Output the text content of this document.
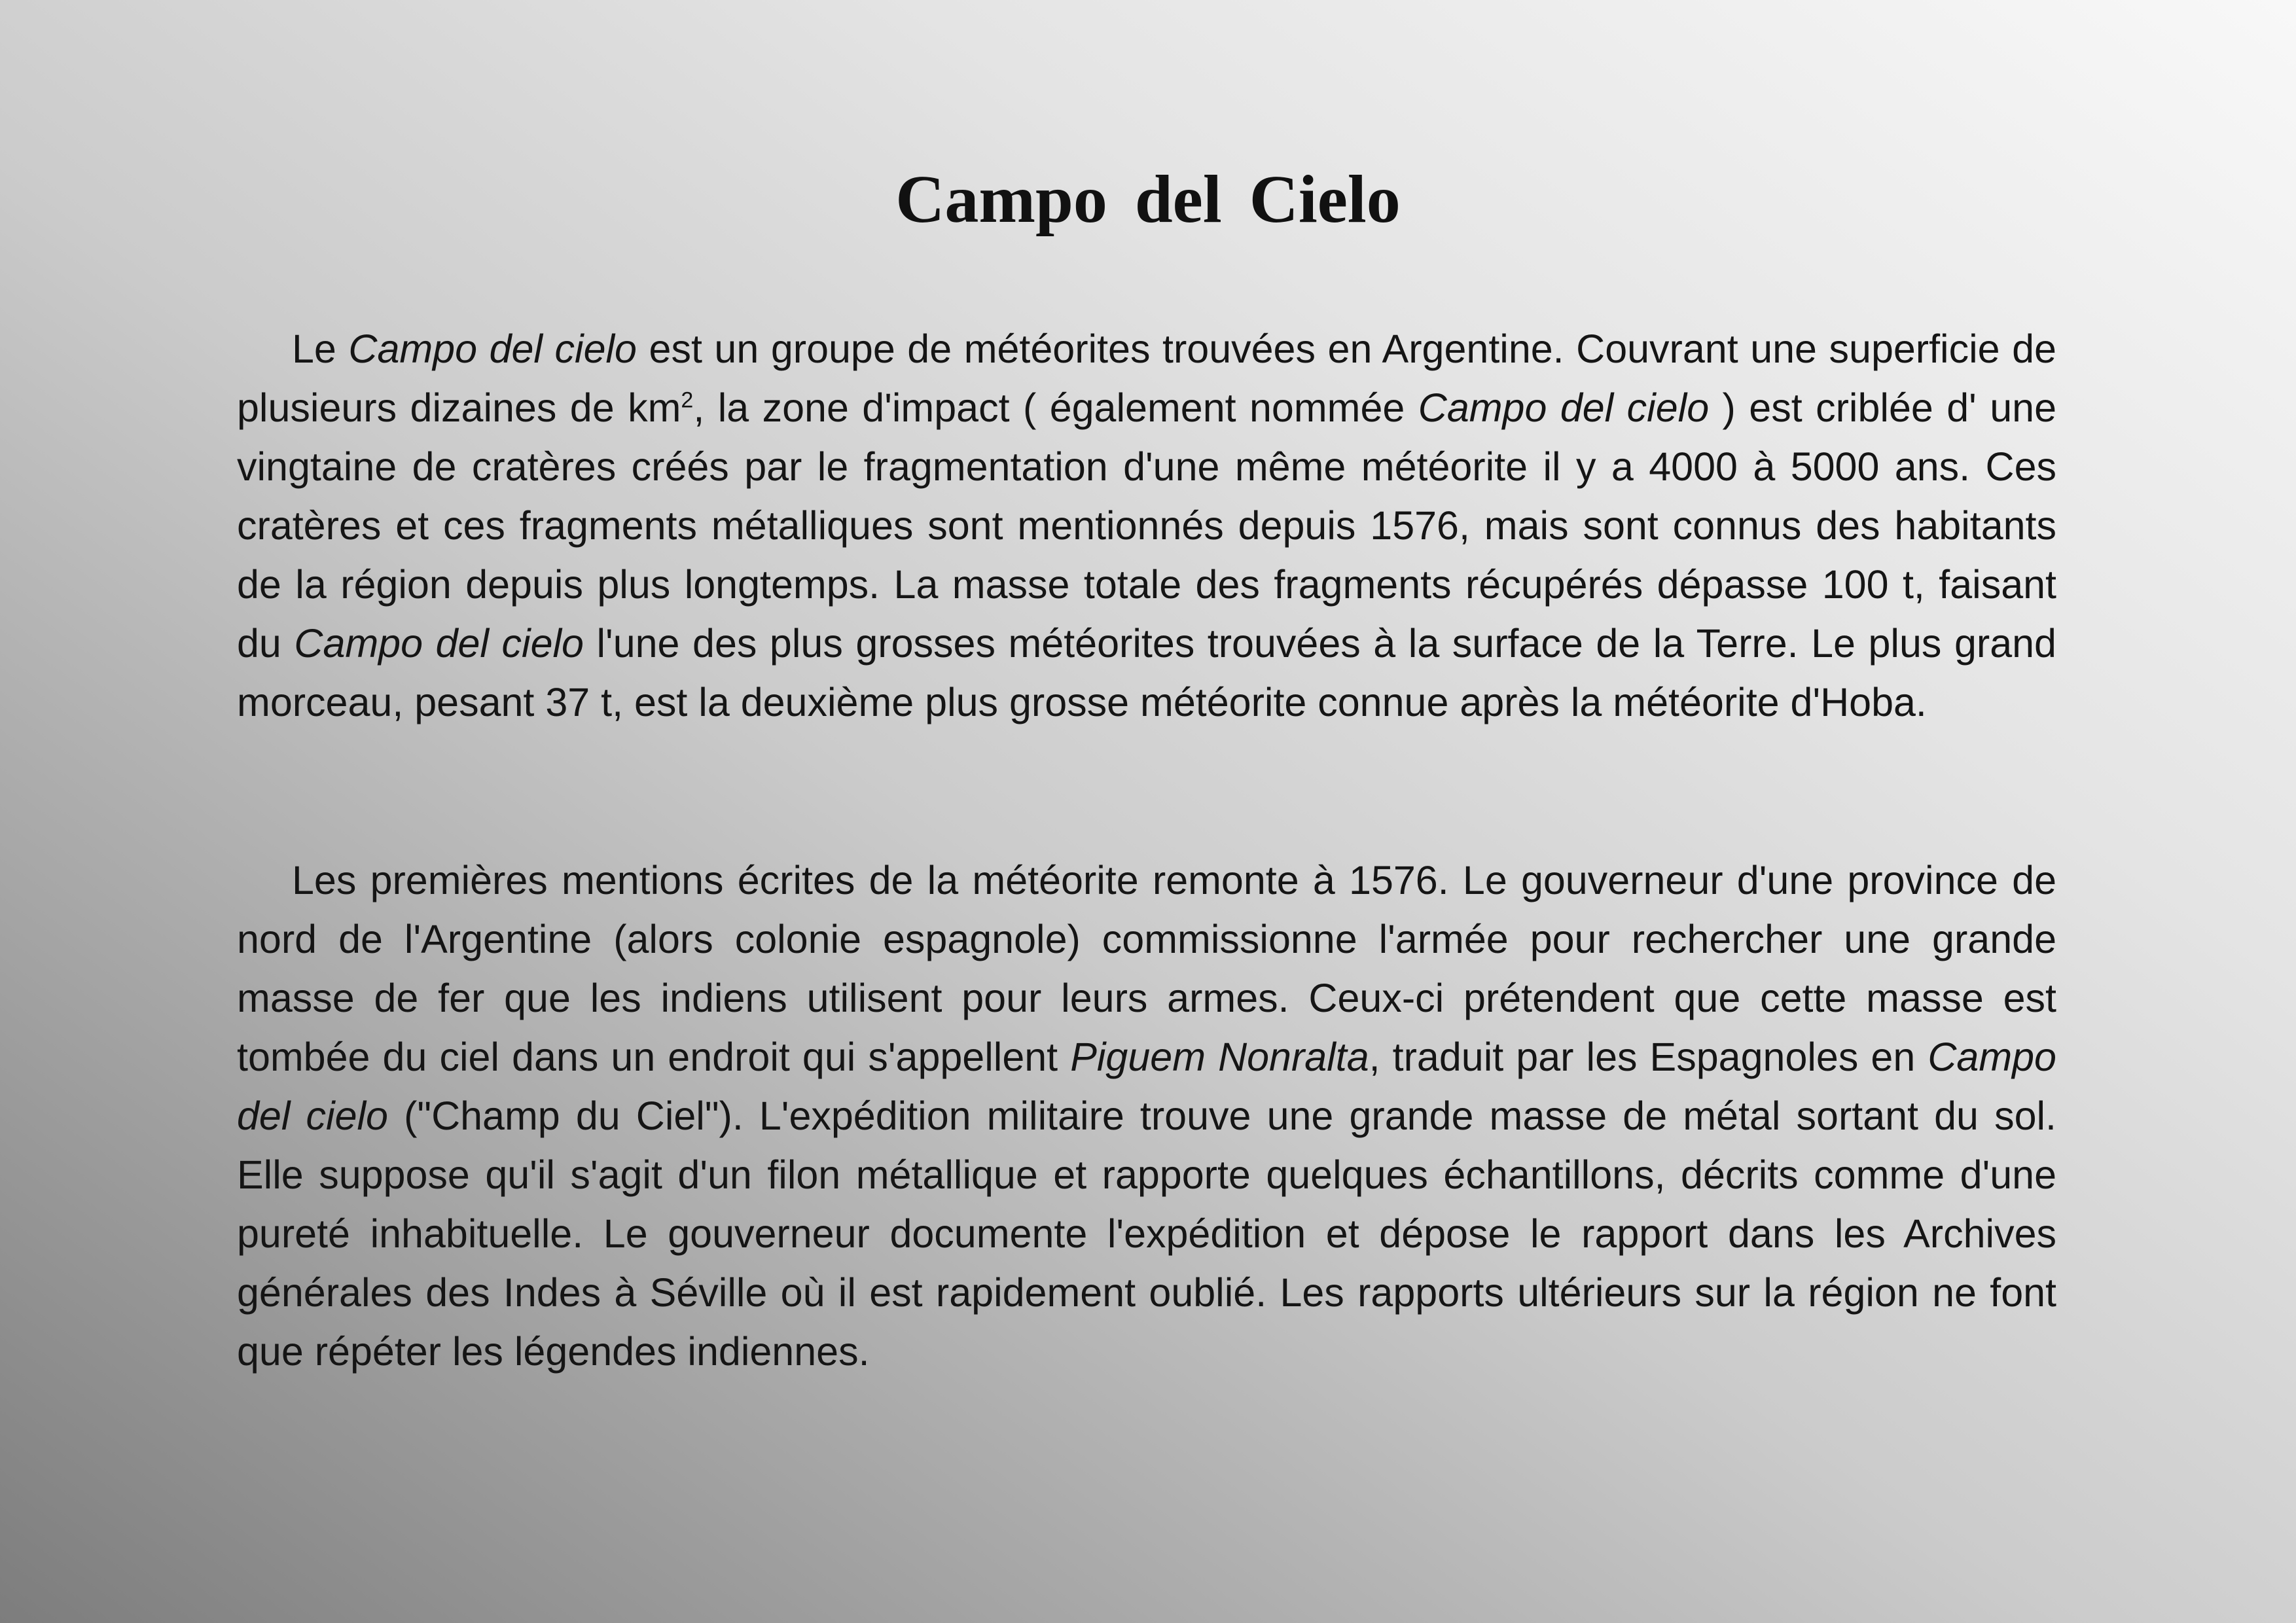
Campo del Cielo

Le Campo del cielo est un groupe de météorites trouvées en Argentine. Couvrant une superficie de plusieurs dizaines de $km^2$, la zone d'impact ( également nommée Campo del cielo ) est criblée d' une vingtaine de cratères créés par le fragmentation d'une même météorite il y a 4000 à 5000 ans. Ces cratères et ces fragments métalliques sont mentionnés depuis 1576, mais sont connus des habitants de la région depuis plus longtemps. La masse totale des fragments récupérés dépasse 100 t, faisant du Campo del cielo l'une des plus grosses météorites trouvées à la surface de la Terre. Le plus grand morceau, pesant 37 t, est la deuxième plus grosse météorite connue après la météorite d'Hoba.

Les premières mentions écrites de la météorite remonte à 1576. Le gouverneur d'une province de nord de l'Argentine (alors colonie espagnole) commissionne l'armée pour rechercher une grande masse de fer que les indiens utilisent pour leurs armes. Ceux-ci prétendent que cette masse est tombée du ciel dans un endroit qui s'appellent Piguem Nonralta, traduit par les Espagnoles en Campo del cielo ("Champ du Ciel"). L'expédition militaire trouve une grande masse de métal sortant du sol. Elle suppose qu'il s'agit d'un filon métallique et rapporte quelques échantillons, décrits comme d'une pureté inhabituelle. Le gouverneur documente l'expédition et dépose le rapport dans les Archives générales des Indes à Séville où il est rapidement oublié. Les rapports ultérieurs sur la région ne font que répéter les légendes indiennes.
